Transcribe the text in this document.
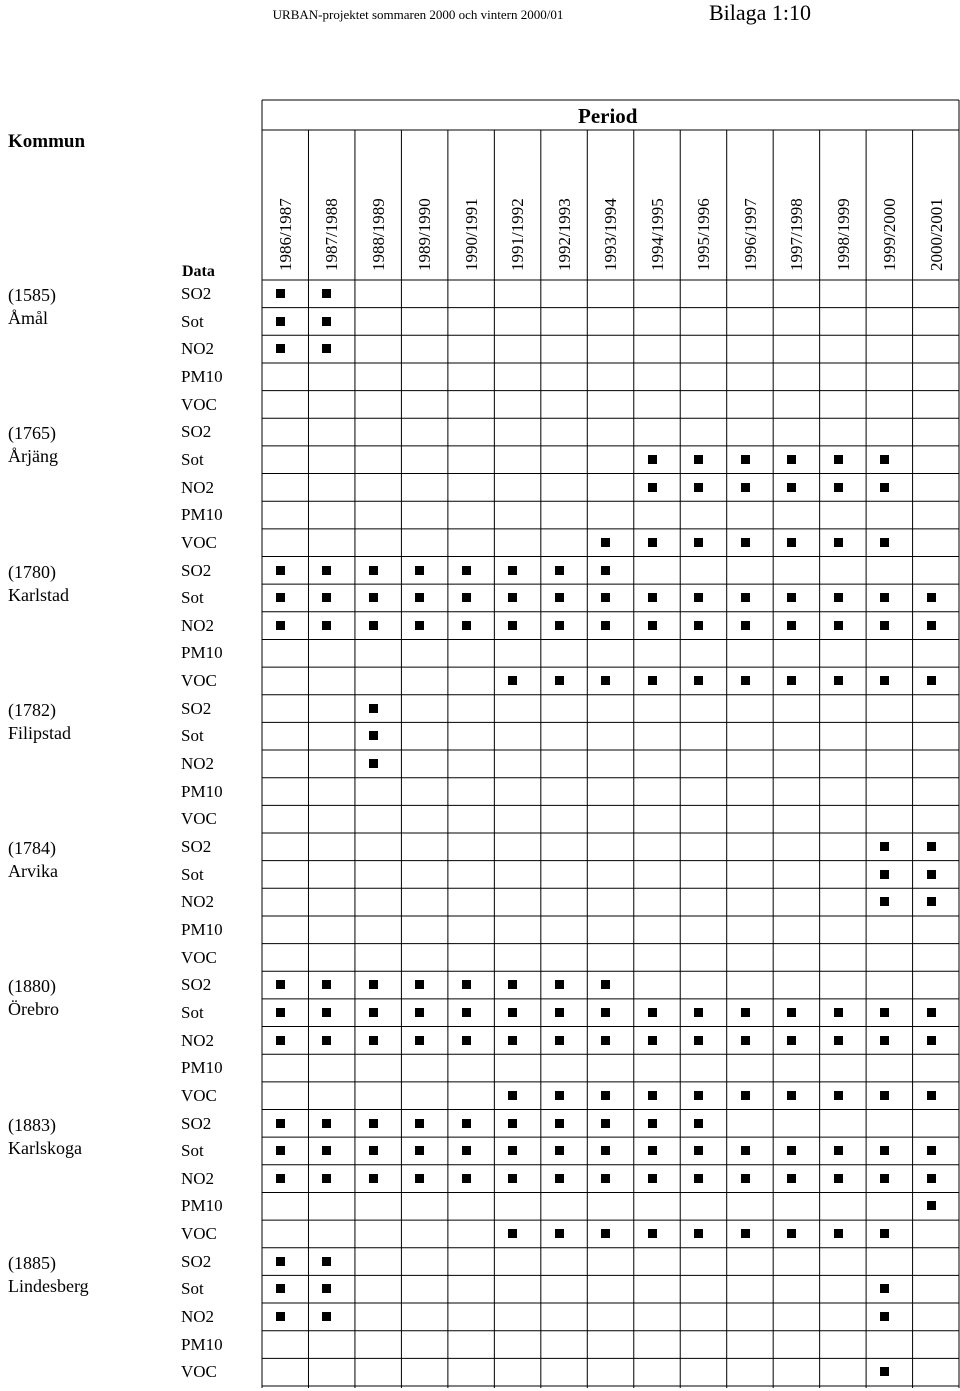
URBAN-projektet sommaren 2000 och vintern 2000/01	Bilaga 1:10
Kommun
Period
Data
1986/1987 1987/1988 1988/1989 1989/1990 1990/1991 1991/1992 1992/1993 1993/1994 1994/1995 1995/1996 1996/1997 1997/1998 1998/1999 1999/2000 2000/2001
(1585)
Åmål
SO2
Sot
NO2
PM10
VOC
(1765)
Årjäng
SO2
Sot
NO2
PM10
VOC
(1780)
Karlstad
SO2
Sot
NO2
PM10
VOC
(1782)
Filipstad
SO2
Sot
NO2
PM10
VOC
(1784)
Arvika
SO2
Sot
NO2
PM10
VOC
(1880)
Örebro
SO2
Sot
NO2
PM10
VOC
(1883)
Karlskoga
SO2
Sot
NO2
PM10
VOC
(1885)
Lindesberg
SO2
Sot
NO2
PM10
VOC
